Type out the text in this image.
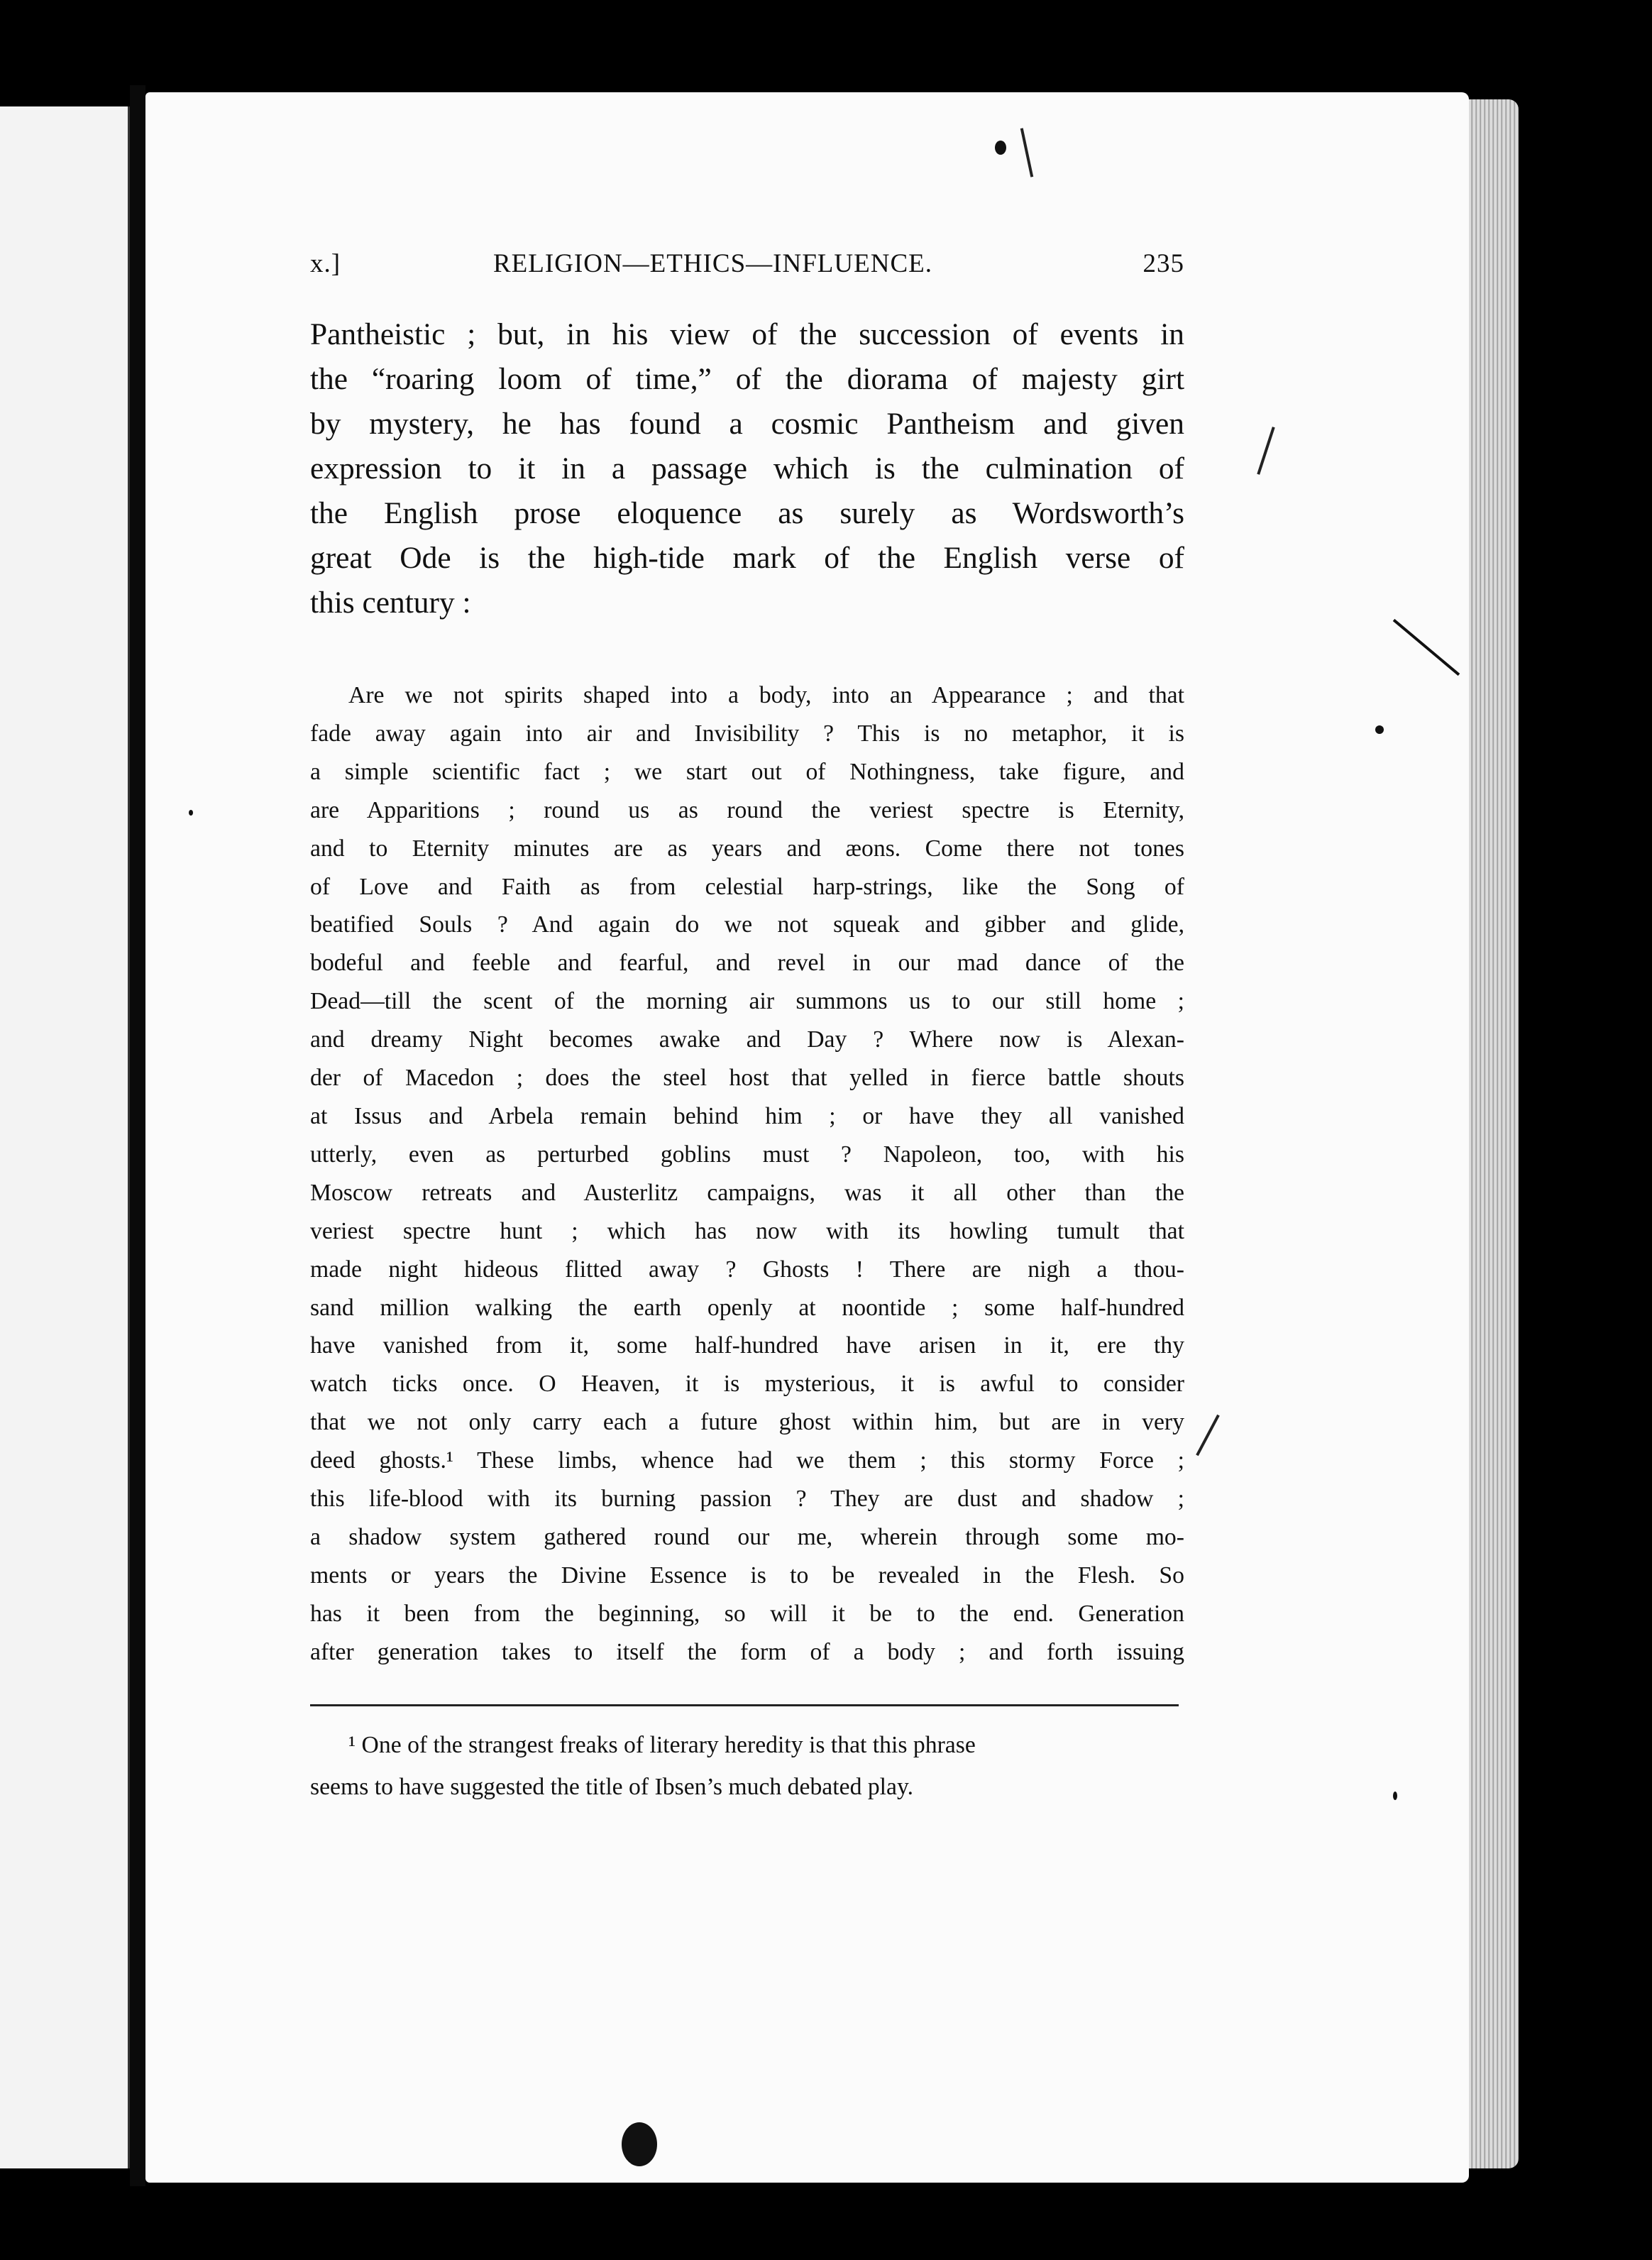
x.]	RELIGION—ETHICS—INFLUENCE.	235
Pantheistic ; but, in his view of the succession of events in
the “roaring loom of time,” of the diorama of majesty girt
by mystery, he has found a cosmic Pantheism and given
expression to it in a passage which is the culmination of
the English prose eloquence as surely as Wordsworth’s
great Ode is the high-tide mark of the English verse of
this century :
Are we not spirits shaped into a body, into an Appearance ; and that
fade away again into air and Invisibility ? This is no metaphor, it is
a simple scientific fact ; we start out of Nothingness, take figure, and
are Apparitions ; round us as round the veriest spectre is Eternity,
and to Eternity minutes are as years and æons. Come there not tones
of Love and Faith as from celestial harp-strings, like the Song of
beatified Souls ? And again do we not squeak and gibber and glide,
bodeful and feeble and fearful, and revel in our mad dance of the
Dead—till the scent of the morning air summons us to our still home ;
and dreamy Night becomes awake and Day ? Where now is Alexan-
der of Macedon ; does the steel host that yelled in fierce battle shouts
at Issus and Arbela remain behind him ; or have they all vanished
utterly, even as perturbed goblins must ? Napoleon, too, with his
Moscow retreats and Austerlitz campaigns, was it all other than the
veriest spectre hunt ; which has now with its howling tumult that
made night hideous flitted away ? Ghosts ! There are nigh a thou-
sand million walking the earth openly at noontide ; some half-hundred
have vanished from it, some half-hundred have arisen in it, ere thy
watch ticks once. O Heaven, it is mysterious, it is awful to consider
that we not only carry each a future ghost within him, but are in very
deed ghosts.¹ These limbs, whence had we them ; this stormy Force ;
this life-blood with its burning passion ? They are dust and shadow ;
a shadow system gathered round our me, wherein through some mo-
ments or years the Divine Essence is to be revealed in the Flesh. So
has it been from the beginning, so will it be to the end. Generation
after generation takes to itself the form of a body ; and forth issuing
¹ One of the strangest freaks of literary heredity is that this phrase
seems to have suggested the title of Ibsen’s much debated play.
